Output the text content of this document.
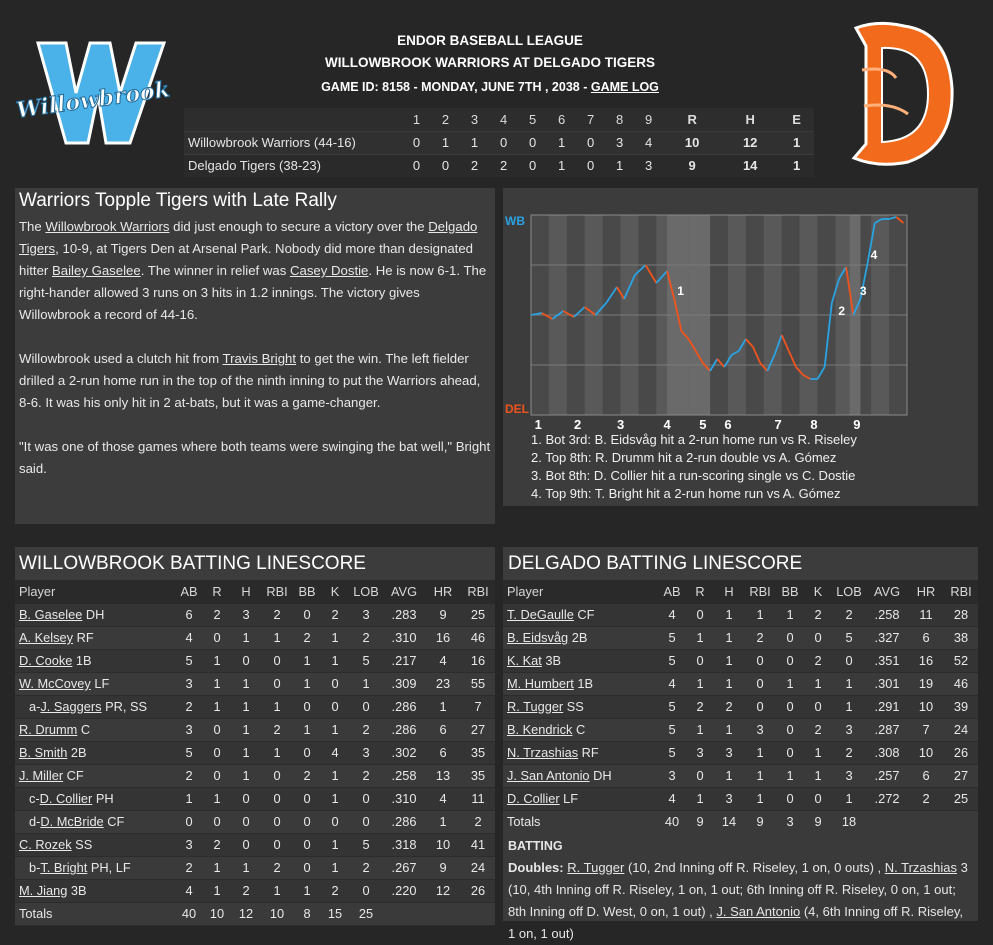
Willowbrook
ENDOR BASEBALL LEAGUE
WILLOWBROOK WARRIORS AT DELGADO TIGERS
GAME ID: 8158 - MONDAY, JUNE 7TH , 2038 - GAME LOG
	1	2	3	4	5	6	7	8	9	R	H	E
Willowbrook Warriors (44-16)	0	1	1	0	0	1	0	3	4	10	12	1
Delgado Tigers (38-23)	0	0	2	2	0	1	0	1	3	9	14	1
Warriors Topple Tigers with Late Rally

The Willowbrook Warriors did just enough to secure a victory over the Delgado Tigers, 10-9, at Tigers Den at Arsenal Park. Nobody did more than designated hitter Bailey Gaselee. The winner in relief was Casey Dostie. He is now 6-1. The right-hander allowed 3 runs on 3 hits in 1.2 innings. The victory gives Willowbrook a record of 44-16.

Willowbrook used a clutch hit from Travis Bright to get the win. The left fielder drilled a 2-run home run in the top of the ninth inning to put the Warriors ahead, 8-6. It was his only hit in 2 at-bats, but it was a game-changer.

"It was one of those games where both teams were swinging the bat well," Bright said.

1
2
3
4
WB
DEL
1 2	3	4 5 6	7 8	9
1. Bot 3rd: B. Eidsvåg hit a 2-run home run vs R. Riseley
2. Top 8th: R. Drumm hit a 2-run double vs A. Gómez
3. Bot 8th: D. Collier hit a run-scoring single vs C. Dostie
4. Top 9th: T. Bright hit a 2-run home run vs A. Gómez
WILLOWBROOK BATTING LINESCORE
Player	AB	R	H	RBI	BB	K	LOB	AVG	HR	RBI
B. Gaselee DH	6	2	3	2	0	2	3	.283	9	25
A. Kelsey RF	4	0	1	1	2	1	2	.310	16	46
D. Cooke 1B	5	1	0	0	1	1	5	.217	4	16
W. McCovey LF	3	1	1	0	1	0	1	.309	23	55
a-J. Saggers PR, SS	2	1	1	1	0	0	0	.286	1	7
R. Drumm C	3	0	1	2	1	1	2	.286	6	27
B. Smith 2B	5	0	1	1	0	4	3	.302	6	35
J. Miller CF	2	0	1	0	2	1	2	.258	13	35
c-D. Collier PH	1	1	0	0	0	1	0	.310	4	11
d-D. McBride CF	0	0	0	0	0	0	0	.286	1	2
C. Rozek SS	3	2	0	0	0	1	5	.318	10	41
b-T. Bright PH, LF	2	1	1	2	0	1	2	.267	9	24
M. Jiang 3B	4	1	2	1	1	2	0	.220	12	26
Totals	40	10	12	10	8	15	25			
DELGADO BATTING LINESCORE
Player	AB	R	H	RBI	BB	K	LOB	AVG	HR	RBI
T. DeGaulle CF	4	0	1	1	1	2	2	.258	11	28
B. Eidsvåg 2B	5	1	1	2	0	0	5	.327	6	38
K. Kat 3B	5	0	1	0	0	2	0	.351	16	52
M. Humbert 1B	4	1	1	0	1	1	1	.301	19	46
R. Tugger SS	5	2	2	0	0	0	1	.291	10	39
B. Kendrick C	5	1	1	3	0	2	3	.287	7	24
N. Trzashias RF	5	3	3	1	0	1	2	.308	10	26
J. San Antonio DH	3	0	1	1	1	1	3	.257	6	27
D. Collier LF	4	1	3	1	0	0	1	.272	2	25
Totals	40	9	14	9	3	9	18			
BATTING
Doubles: R. Tugger (10, 2nd Inning off R. Riseley, 1 on, 0 outs) , N. Trzashias 3 (10, 4th Inning off R. Riseley, 1 on, 1 out; 6th Inning off R. Riseley, 0 on, 1 out; 8th Inning off D. West, 0 on, 1 out) , J. San Antonio (4, 6th Inning off R. Riseley, 1 on, 1 out)
